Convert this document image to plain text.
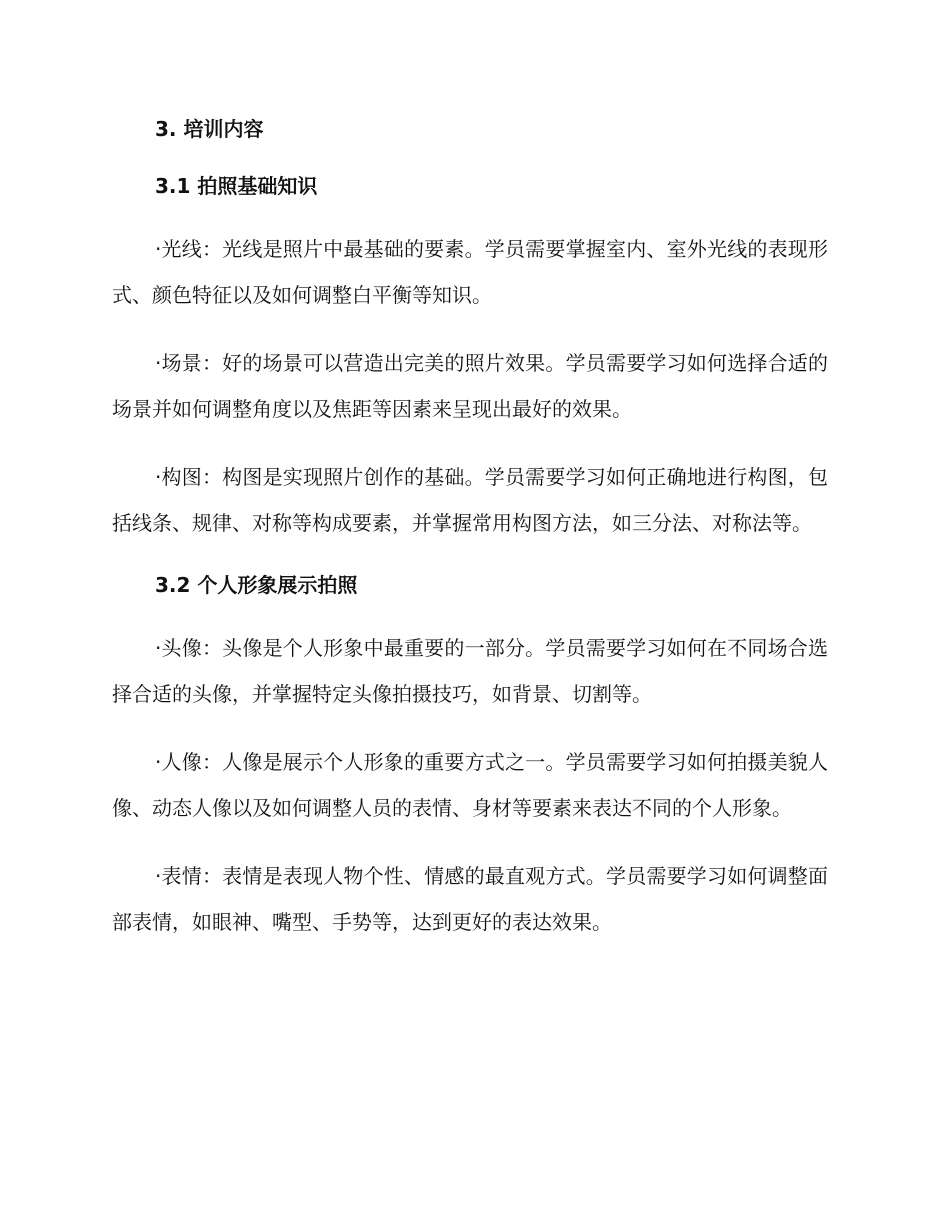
3. 培训内容
3.1 拍照基础知识

·光线：光线是照片中最基础的要素。学员需要掌握室内、室外光线的表现形式、颜色特征以及如何调整白平衡等知识。

·场景：好的场景可以营造出完美的照片效果。学员需要学习如何选择合适的场景并如何调整角度以及焦距等因素来呈现出最好的效果。

·构图：构图是实现照片创作的基础。学员需要学习如何正确地进行构图，包括线条、规律、对称等构成要素，并掌握常用构图方法，如三分法、对称法等。

3.2 个人形象展示拍照

·头像：头像是个人形象中最重要的一部分。学员需要学习如何在不同场合选择合适的头像，并掌握特定头像拍摄技巧，如背景、切割等。

·人像：人像是展示个人形象的重要方式之一。学员需要学习如何拍摄美貌人像、动态人像以及如何调整人员的表情、身材等要素来表达不同的个人形象。

·表情：表情是表现人物个性、情感的最直观方式。学员需要学习如何调整面部表情，如眼神、嘴型、手势等，达到更好的表达效果。
